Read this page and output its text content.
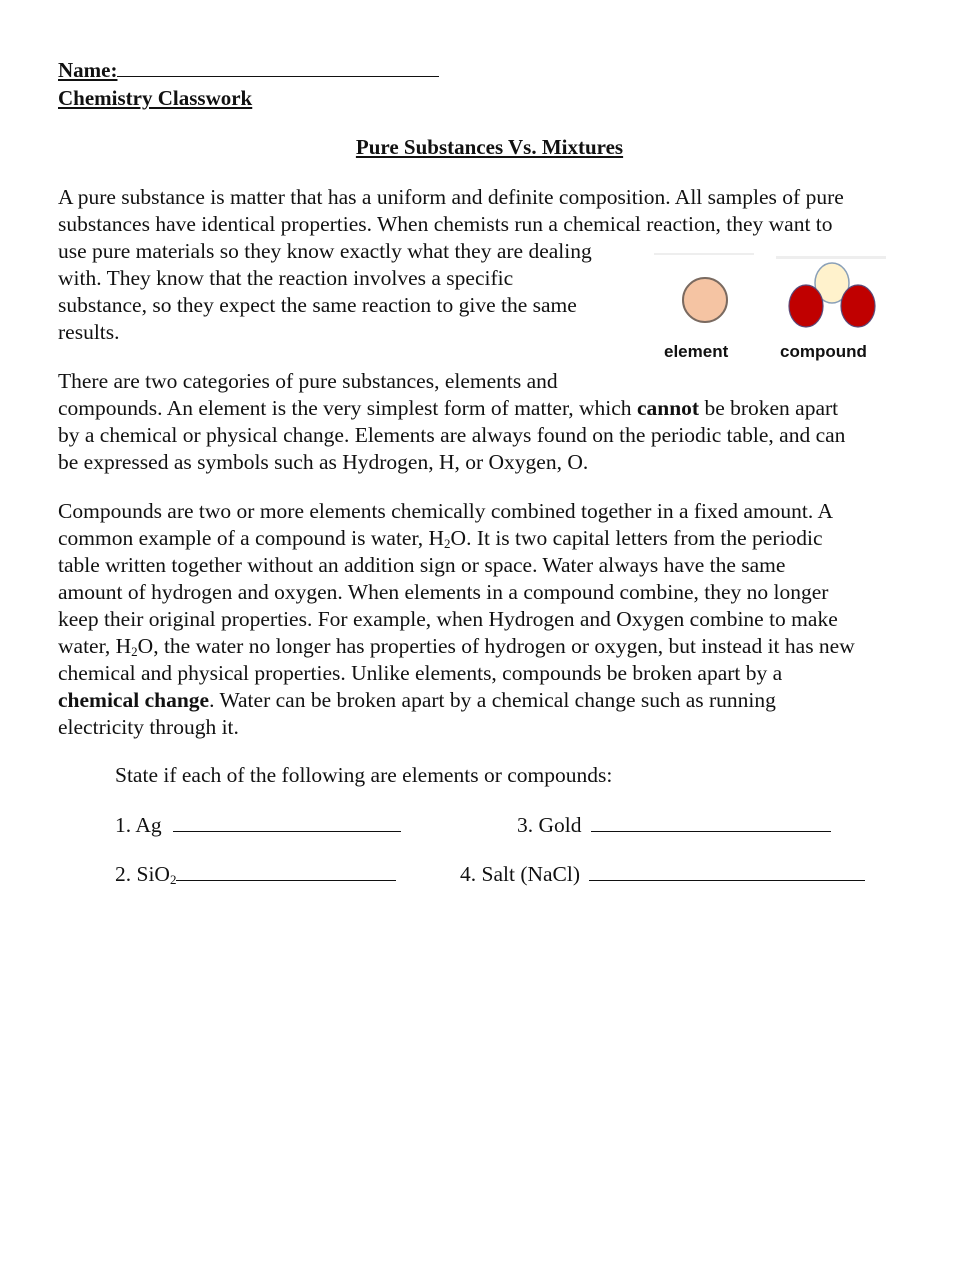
Name:
Chemistry Classwork
Pure Substances Vs. Mixtures

A pure substance is matter that has a uniform and definite composition. All samples of pure

substances have identical properties. When chemists run a chemical reaction, they want to

use pure materials so they know exactly what they are dealing

with. They know that the reaction involves a specific

substance, so they expect the same reaction to give the same

results.

element	compound

There are two categories of pure substances, elements and

compounds. An element is the very simplest form of matter, which cannot be broken apart

by a chemical or physical change. Elements are always found on the periodic table, and can

be expressed as symbols such as Hydrogen, H, or Oxygen, O.

Compounds are two or more elements chemically combined together in a fixed amount. A

common example of a compound is water, $H_2O$. It is two capital letters from the periodic

table written together without an addition sign or space. Water always have the same

amount of hydrogen and oxygen. When elements in a compound combine, they no longer

keep their original properties. For example, when Hydrogen and Oxygen combine to make

water, $H_2O$, the water no longer has properties of hydrogen or oxygen, but instead it has new

chemical and physical properties. Unlike elements, compounds be broken apart by a

chemical change. Water can be broken apart by a chemical change such as running

electricity through it.

State if each of the following are elements or compounds:
1. Ag	3. Gold
2. SiO$_2$	4. Salt (NaCl)
